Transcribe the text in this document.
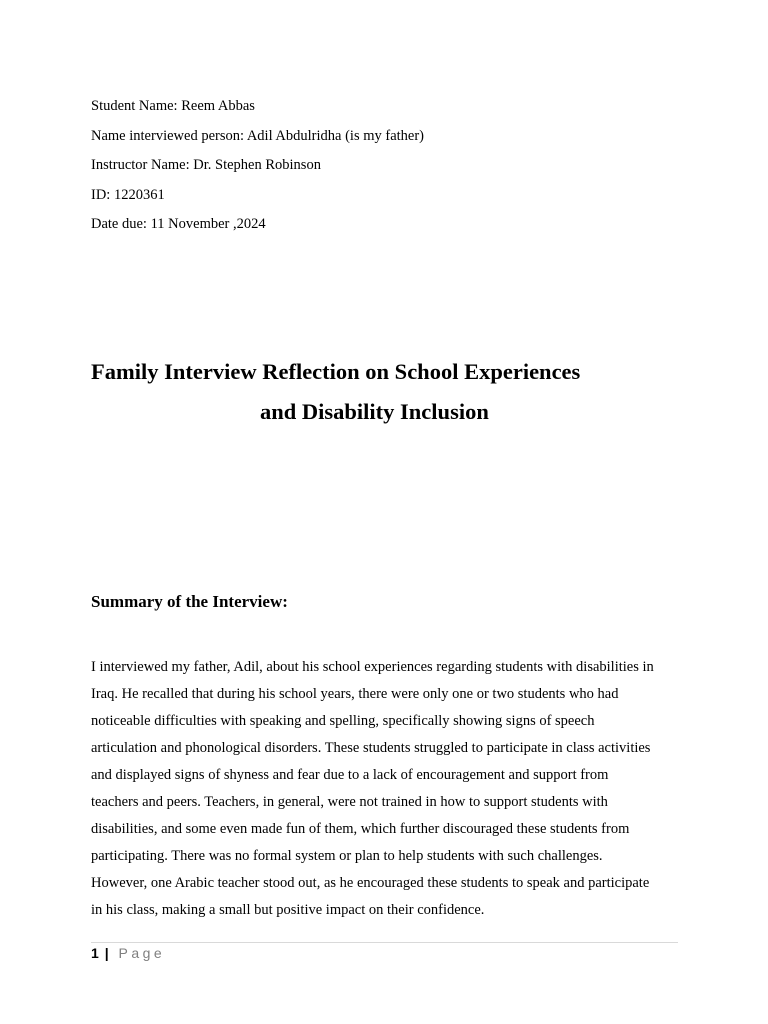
Student Name: Reem Abbas
Name interviewed person: Adil Abdulridha (is my father)
Instructor Name: Dr. Stephen Robinson
ID: 1220361
Date due: 11 November ,2024
Family Interview Reflection on School Experiences
and Disability Inclusion
Summary of the Interview:
I interviewed my father, Adil, about his school experiences regarding students with disabilities in
Iraq. He recalled that during his school years, there were only one or two students who had
noticeable difficulties with speaking and spelling, specifically showing signs of speech
articulation and phonological disorders. These students struggled to participate in class activities
and displayed signs of shyness and fear due to a lack of encouragement and support from
teachers and peers. Teachers, in general, were not trained in how to support students with
disabilities, and some even made fun of them, which further discouraged these students from
participating. There was no formal system or plan to help students with such challenges.
However, one Arabic teacher stood out, as he encouraged these students to speak and participate
in his class, making a small but positive impact on their confidence.
1 | Page
